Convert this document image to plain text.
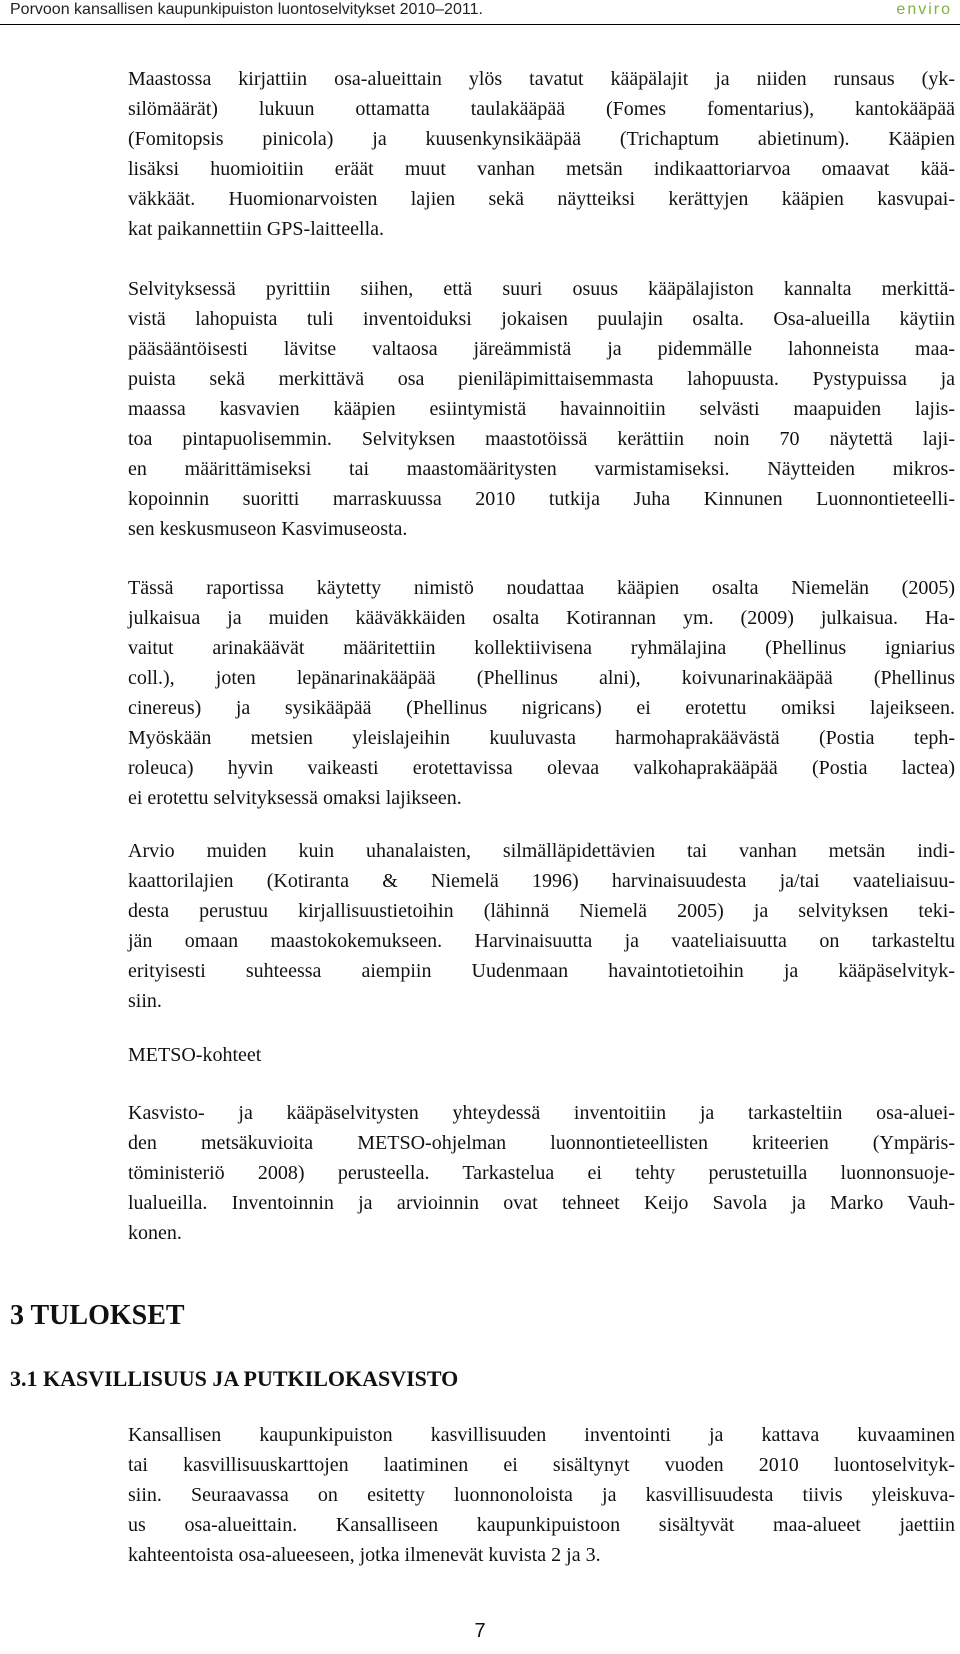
Porvoon kansallisen kaupunkipuiston luontoselvitykset 2010–2011.	enviro
Maastossa kirjattiin osa-alueittain ylös tavatut kääpälajit ja niiden runsaus (yk-
silömäärät) lukuun ottamatta taulakääpää (Fomes fomentarius), kantokääpää
(Fomitopsis pinicola) ja kuusenkynsikääpää (Trichaptum abietinum). Kääpien
lisäksi huomioitiin eräät muut vanhan metsän indikaattoriarvoa omaavat kää-
väkkäät. Huomionarvoisten lajien sekä näytteiksi kerättyjen kääpien kasvupai-
kat paikannettiin GPS-laitteella.
Selvityksessä pyrittiin siihen, että suuri osuus kääpälajiston kannalta merkittä-
vistä lahopuista tuli inventoiduksi jokaisen puulajin osalta. Osa-alueilla käytiin
pääsääntöisesti lävitse valtaosa järeämmistä ja pidemmälle lahonneista maa-
puista sekä merkittävä osa pieniläpimittaisemmasta lahopuusta. Pystypuissa ja
maassa kasvavien kääpien esiintymistä havainnoitiin selvästi maapuiden lajis-
toa pintapuolisemmin. Selvityksen maastotöissä kerättiin noin 70 näytettä laji-
en määrittämiseksi tai maastomääritysten varmistamiseksi. Näytteiden mikros-
kopoinnin suoritti marraskuussa 2010 tutkija Juha Kinnunen Luonnontieteelli-
sen keskusmuseon Kasvimuseosta.
Tässä raportissa käytetty nimistö noudattaa kääpien osalta Niemelän (2005)
julkaisua ja muiden kääväkkäiden osalta Kotirannan ym. (2009) julkaisua. Ha-
vaitut arinakäävät määritettiin kollektiivisena ryhmälajina (Phellinus igniarius
coll.), joten lepänarinakääpää (Phellinus alni), koivunarinakääpää (Phellinus
cinereus) ja sysikääpää (Phellinus nigricans) ei erotettu omiksi lajeikseen.
Myöskään metsien yleislajeihin kuuluvasta harmohaprakäävästä (Postia teph-
roleuca) hyvin vaikeasti erotettavissa olevaa valkohaprakääpää (Postia lactea)
ei erotettu selvityksessä omaksi lajikseen.
Arvio muiden kuin uhanalaisten, silmälläpidettävien tai vanhan metsän indi-
kaattorilajien (Kotiranta & Niemelä 1996) harvinaisuudesta ja/tai vaateliaisuu-
desta perustuu kirjallisuustietoihin (lähinnä Niemelä 2005) ja selvityksen teki-
jän omaan maastokokemukseen. Harvinaisuutta ja vaateliaisuutta on tarkasteltu
erityisesti suhteessa aiempiin Uudenmaan havaintotietoihin ja kääpäselvityk-
siin.
METSO-kohteet
Kasvisto- ja kääpäselvitysten yhteydessä inventoitiin ja tarkasteltiin osa-aluei-
den metsäkuvioita METSO-ohjelman luonnontieteellisten kriteerien (Ympäris-
töministeriö 2008) perusteella. Tarkastelua ei tehty perustetuilla luonnonsuoje-
lualueilla. Inventoinnin ja arvioinnin ovat tehneet Keijo Savola ja Marko Vauh-
konen.
3 TULOKSET
3.1 KASVILLISUUS JA PUTKILOKASVISTO
Kansallisen kaupunkipuiston kasvillisuuden inventointi ja kattava kuvaaminen
tai kasvillisuuskarttojen laatiminen ei sisältynyt vuoden 2010 luontoselvityk-
siin. Seuraavassa on esitetty luonnonoloista ja kasvillisuudesta tiivis yleiskuva-
us osa-alueittain. Kansalliseen kaupunkipuistoon sisältyvät maa-alueet jaettiin
kahteentoista osa-alueeseen, jotka ilmenevät kuvista 2 ja 3.
7
